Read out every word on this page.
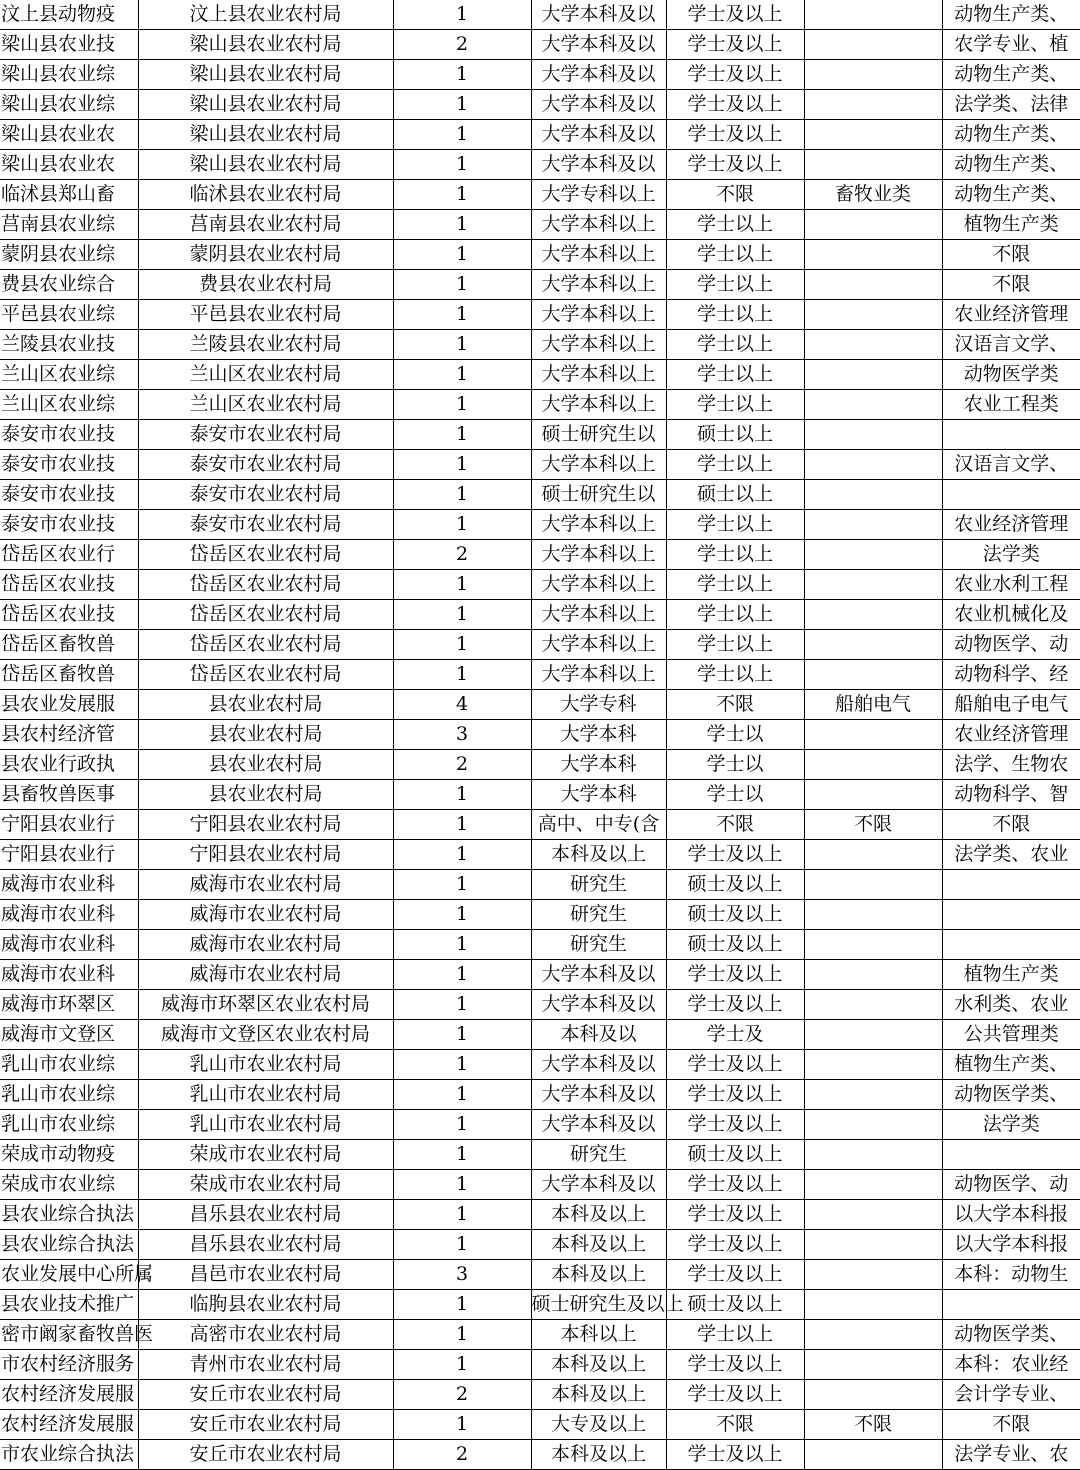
汶上县动物疫	汶上县农业农村局	1	大学本科及以	学士及以上		动物生产类、
梁山县农业技	梁山县农业农村局	2	大学本科及以	学士及以上		农学专业、植
梁山县农业综	梁山县农业农村局	1	大学本科及以	学士及以上		动物生产类、
梁山县农业综	梁山县农业农村局	1	大学本科及以	学士及以上		法学类、法律
梁山县农业农	梁山县农业农村局	1	大学本科及以	学士及以上		动物生产类、
梁山县农业农	梁山县农业农村局	1	大学本科及以	学士及以上		动物生产类、
临沭县郑山畜	临沭县农业农村局	1	大学专科以上	不限	畜牧业类	动物生产类、
莒南县农业综	莒南县农业农村局	1	大学本科以上	学士以上		植物生产类
蒙阴县农业综	蒙阴县农业农村局	1	大学本科以上	学士以上		不限
费县农业综合	费县农业农村局	1	大学本科以上	学士以上		不限
平邑县农业综	平邑县农业农村局	1	大学本科以上	学士以上		农业经济管理
兰陵县农业技	兰陵县农业农村局	1	大学本科以上	学士以上		汉语言文学、
兰山区农业综	兰山区农业农村局	1	大学本科以上	学士以上		动物医学类
兰山区农业综	兰山区农业农村局	1	大学本科以上	学士以上		农业工程类
泰安市农业技	泰安市农业农村局	1	硕士研究生以	硕士以上		
泰安市农业技	泰安市农业农村局	1	大学本科以上	学士以上		汉语言文学、
泰安市农业技	泰安市农业农村局	1	硕士研究生以	硕士以上		
泰安市农业技	泰安市农业农村局	1	大学本科以上	学士以上		农业经济管理
岱岳区农业行	岱岳区农业农村局	2	大学本科以上	学士以上		法学类
岱岳区农业技	岱岳区农业农村局	1	大学本科以上	学士以上		农业水利工程
岱岳区农业技	岱岳区农业农村局	1	大学本科以上	学士以上		农业机械化及
岱岳区畜牧兽	岱岳区农业农村局	1	大学本科以上	学士以上		动物医学、动
岱岳区畜牧兽	岱岳区农业农村局	1	大学本科以上	学士以上		动物科学、经
县农业发展服	县农业农村局	4	大学专科	不限	船舶电气	船舶电子电气
县农村经济管	县农业农村局	3	大学本科	学士以		农业经济管理
县农业行政执	县农业农村局	2	大学本科	学士以		法学、生物农
县畜牧兽医事	县农业农村局	1	大学本科	学士以		动物科学、智
宁阳县农业行	宁阳县农业农村局	1	高中、中专(含	不限	不限	不限
宁阳县农业行	宁阳县农业农村局	1	本科及以上	学士及以上		法学类、农业
威海市农业科	威海市农业农村局	1	研究生	硕士及以上		
威海市农业科	威海市农业农村局	1	研究生	硕士及以上		
威海市农业科	威海市农业农村局	1	研究生	硕士及以上		
威海市农业科	威海市农业农村局	1	大学本科及以	学士及以上		植物生产类
威海市环翠区	威海市环翠区农业农村局	1	大学本科及以	学士及以上		水利类、农业
威海市文登区	威海市文登区农业农村局	1	本科及以	学士及		公共管理类
乳山市农业综	乳山市农业农村局	1	大学本科及以	学士及以上		植物生产类、
乳山市农业综	乳山市农业农村局	1	大学本科及以	学士及以上		动物医学类、
乳山市农业综	乳山市农业农村局	1	大学本科及以	学士及以上		法学类
荣成市动物疫	荣成市农业农村局	1	研究生	硕士及以上		
荣成市农业综	荣成市农业农村局	1	大学本科及以	学士及以上		动物医学、动
县农业综合执法	昌乐县农业农村局	1	本科及以上	学士及以上		以大学本科报
县农业综合执法	昌乐县农业农村局	1	本科及以上	学士及以上		以大学本科报
农业发展中心所属	昌邑市农业农村局	3	本科及以上	学士及以上		本科：动物生
县农业技术推广	临朐县农业农村局	1	硕士研究生及以上	硕士及以上		
密市阚家畜牧兽医	高密市农业农村局	1	本科以上	学士以上		动物医学类、
市农村经济服务	青州市农业农村局	1	本科及以上	学士及以上		本科：农业经
农村经济发展服	安丘市农业农村局	2	本科及以上	学士及以上		会计学专业、
农村经济发展服	安丘市农业农村局	1	大专及以上	不限	不限	不限
市农业综合执法	安丘市农业农村局	2	本科及以上	学士及以上		法学专业、农
